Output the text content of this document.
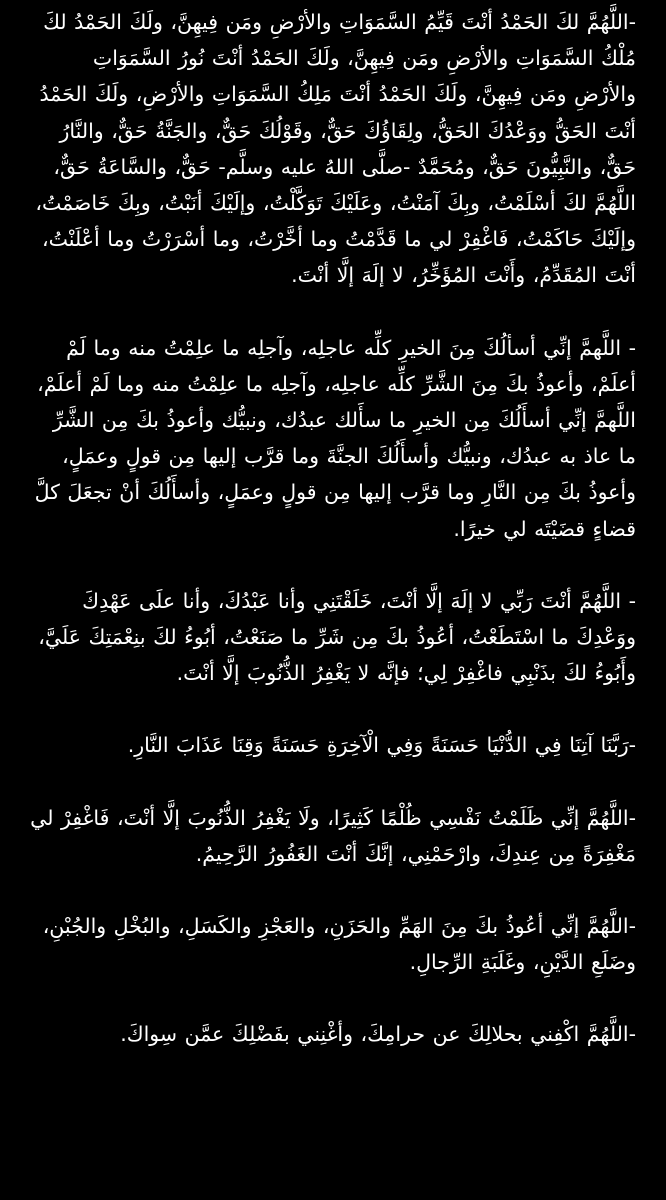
-اللَّهُمَّ لكَ الحَمْدُ أنْتَ قَيِّمُ السَّمَوَاتِ والأرْضِ ومَن فِيهِنَّ، ولَكَ الحَمْدُ لكَ مُلْكُ السَّمَوَاتِ والأرْضِ ومَن فِيهِنَّ، ولَكَ الحَمْدُ أنْتَ نُورُ السَّمَوَاتِ والأرْضِ ومَن فِيهِنَّ، ولَكَ الحَمْدُ أنْتَ مَلِكُ السَّمَوَاتِ والأرْضِ، ولَكَ الحَمْدُ أنْتَ الحَقُّ ووَعْدُكَ الحَقُّ، ولِقَاؤُكَ حَقٌّ، وقَوْلُكَ حَقٌّ، والجَنَّةُ حَقٌّ، والنَّارُ حَقٌّ، والنَّبِيُّونَ حَقٌّ، ومُحَمَّدٌ -صلَّى اللهُ عليه وسلَّم- حَقٌّ، والسَّاعَةُ حَقٌّ، اللَّهُمَّ لكَ أسْلَمْتُ، وبِكَ آمَنْتُ، وعَلَيْكَ تَوَكَّلْتُ، وإلَيْكَ أنَبْتُ، وبِكَ خَاصَمْتُ، وإلَيْكَ حَاكَمْتُ، فَاغْفِرْ لي ما قَدَّمْتُ وما أخَّرْتُ، وما أسْرَرْتُ وما أعْلَنْتُ، أنْتَ المُقَدِّمُ، وأَنْتَ المُؤَخِّرُ، لا إلَهَ إلَّا أنْتَ.

- اللَّهمَّ إنِّي أسألُكَ مِنَ الخيرِ كلِّه عاجلِه، وآجلِه ما علِمْتُ منه وما لَمْ أعلَمْ، وأعوذُ بكَ مِنَ الشَّرِّ كلِّه عاجلِه، وآجلِه ما علِمْتُ منه وما لَمْ أعلَمْ، اللَّهمَّ إنِّي أسأَلُكَ مِن الخيرِ ما سأَلك عبدُك، ونبيُّك وأعوذُ بكَ مِن الشَّرِّ ما عاذ به عبدُك، ونبيُّك وأسأَلُكَ الجنَّةَ وما قرَّب إليها مِن قولٍ وعمَلٍ، وأعوذُ بكَ مِن النَّارِ وما قرَّب إليها مِن قولٍ وعمَلٍ، وأسأَلُكَ أنْ تجعَلَ كلَّ قضاءٍ قضَيْتَه لي خيرًا.

- اللَّهُمَّ أنْتَ رَبِّي لا إلَهَ إلَّا أنْتَ، خَلَقْتَنِي وأنا عَبْدُكَ، وأنا علَى عَهْدِكَ ووَعْدِكَ ما اسْتَطَعْتُ، أعُوذُ بكَ مِن شَرِّ ما صَنَعْتُ، أبُوءُ لكَ بنِعْمَتِكَ عَلَيَّ، وأَبُوءُ لكَ بذَنْبِي فاغْفِرْ لِي؛ فإنَّه لا يَغْفِرُ الذُّنُوبَ إلَّا أنْتَ.

-رَبَّنَا آتِنَا فِي الدُّنْيَا حَسَنَةً وَفِي الْآخِرَةِ حَسَنَةً وَقِنَا عَذَابَ النَّارِ.

-اللَّهُمَّ إنِّي ظَلَمْتُ نَفْسِي ظُلْمًا كَثِيرًا، ولَا يَغْفِرُ الذُّنُوبَ إلَّا أنْتَ، فَاغْفِرْ لي مَغْفِرَةً مِن عِندِكَ، وارْحَمْنِي، إنَّكَ أنْتَ الغَفُورُ الرَّحِيمُ.

-اللَّهُمَّ إنِّي أعُوذُ بكَ مِنَ الهَمِّ والحَزَنِ، والعَجْزِ والكَسَلِ، والبُخْلِ والجُبْنِ، وضَلَعِ الدَّيْنِ، وغَلَبَةِ الرِّجالِ.

-اللَّهُمَّ اكْفِني بحلالِكَ عن حرامِكَ، وأغْنِني بفَضْلِكَ عمَّن سِواكَ.
